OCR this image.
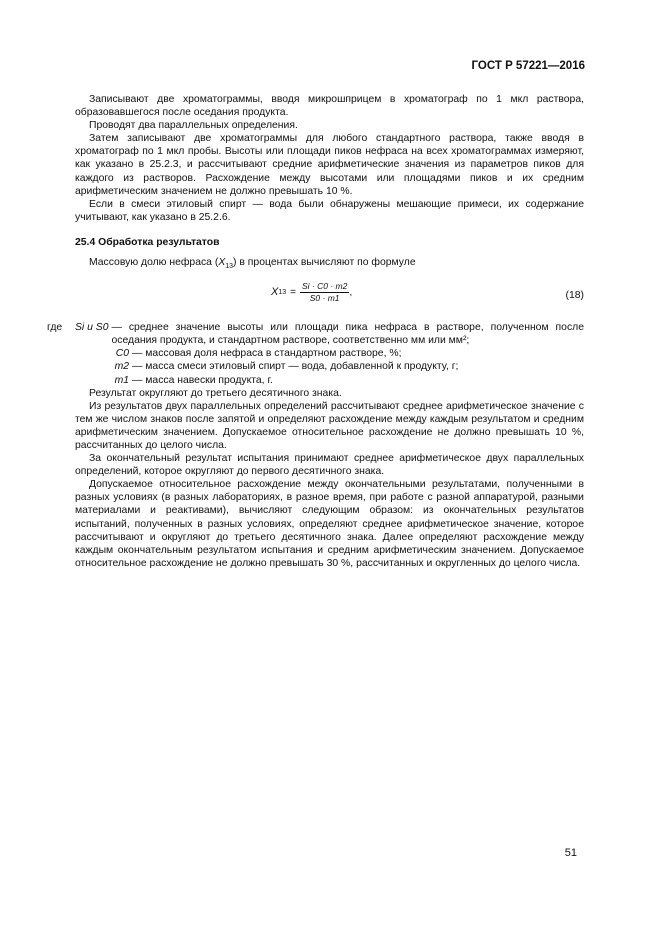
ГОСТ Р 57221—2016

Записывают две хроматограммы, вводя микрошприцем в хроматограф по 1 мкл раствора, образовавшегося после оседания продукта.

Проводят два параллельных определения.

Затем записывают две хроматограммы для любого стандартного раствора, также вводя в хроматограф по 1 мкл пробы. Высоты или площади пиков нефраса на всех хроматограммах измеряют, как указано в 25.2.3, и рассчитывают средние арифметические значения из параметров пиков для каждого из растворов. Расхождение между высотами или площадями пиков и их средним арифметическим значением не должно превышать 10 %.

Если в смеси этиловый спирт — вода были обнаружены мешающие примеси, их содержание учитывают, как указано в 25.2.6.

25.4 Обработка результатов

Массовую долю нефраса $(X_{13})$ в процентах вычисляют по формуле

X $13 = \frac{Si \cdot C0 \cdot m2}{S0 \cdot m1}$ ,	(18)
где	Si и S0 — среднее значение высоты или площади пика нефраса в растворе, полученном после оседания продукта, и стандартном растворе, соответственно мм или мм²;
C0 — массовая доля нефраса в стандартном растворе, %;
m2 — масса смеси этиловый спирт — вода, добавленной к продукту, г;
m1 — масса навески продукта, г.

Результат округляют до третьего десятичного знака.

Из результатов двух параллельных определений рассчитывают среднее арифметическое значение с тем же числом знаков после запятой и определяют расхождение между каждым результатом и средним арифметическим значением. Допускаемое относительное расхождение не должно превышать 10 %, рассчитанных до целого числа.

За окончательный результат испытания принимают среднее арифметическое двух параллельных определений, которое округляют до первого десятичного знака.

Допускаемое относительное расхождение между окончательными результатами, полученными в разных условиях (в разных лабораториях, в разное время, при работе с разной аппаратурой, разными материалами и реактивами), вычисляют следующим образом: из окончательных результатов испытаний, полученных в разных условиях, определяют среднее арифметическое значение, которое рассчитывают и округляют до третьего десятичного знака. Далее определяют расхождение между каждым окончательным результатом испытания и средним арифметическим значением. Допускаемое относительное расхождение не должно превышать 30 %, рассчитанных и округленных до целого числа.

51
